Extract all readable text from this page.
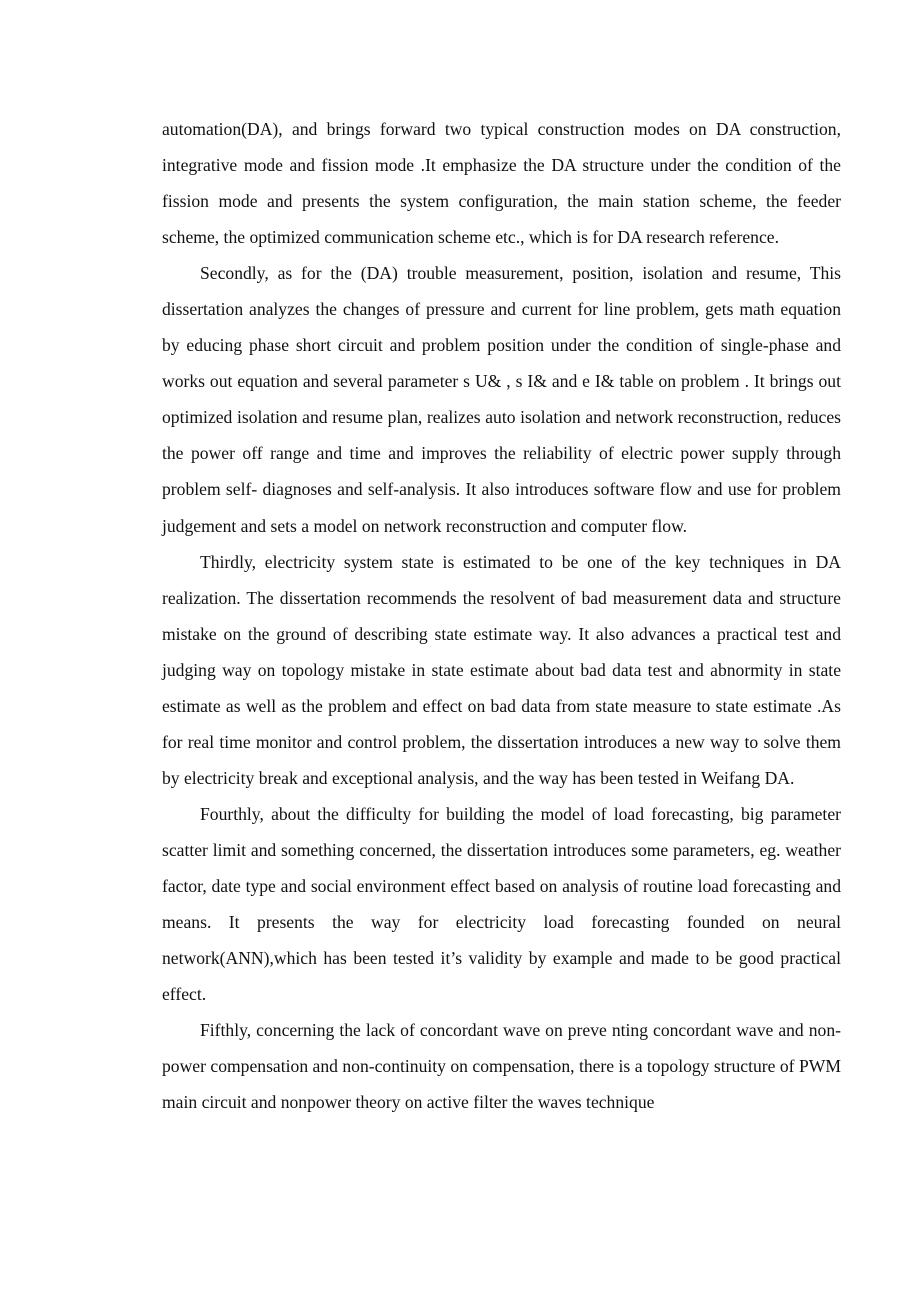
automation(DA), and brings forward two typical construction modes on DA construction, integrative mode and fission mode .It emphasize the DA structure under the condition of the fission mode and presents the system configuration, the main station scheme, the feeder scheme, the optimized communication scheme etc., which is for DA research reference.

Secondly, as for the (DA) trouble measurement, position, isolation and resume, This dissertation analyzes the changes of pressure and current for line problem, gets math equation by educing phase short circuit and problem position under the condition of single-phase and works out equation and several parameter s U& , s I& and e I& table on problem . It brings out optimized isolation and resume plan, realizes auto isolation and network reconstruction, reduces the power off range and time and improves the reliability of electric power supply through problem self- diagnoses and self-analysis. It also introduces software flow and use for problem judgement and sets a model on network reconstruction and computer flow.

Thirdly, electricity system state is estimated to be one of the key techniques in DA realization. The dissertation recommends the resolvent of bad measurement data and structure mistake on the ground of describing state estimate way. It also advances a practical test and judging way on topology mistake in state estimate about bad data test and abnormity in state estimate as well as the problem and effect on bad data from state measure to state estimate .As for real time monitor and control problem, the dissertation introduces a new way to solve them by electricity break and exceptional analysis, and the way has been tested in Weifang DA.

Fourthly, about the difficulty for building the model of load forecasting, big parameter scatter limit and something concerned, the dissertation introduces some parameters, eg. weather factor, date type and social environment effect based on analysis of routine load forecasting and means. It presents the way for electricity load forecasting founded on neural network(ANN),which has been tested it’s validity by example and made to be good practical effect.

Fifthly, concerning the lack of concordant wave on preve nting concordant wave and non-power compensation and non-continuity on compensation, there is a topology structure of PWM main circuit and nonpower theory on active filter the waves technique
